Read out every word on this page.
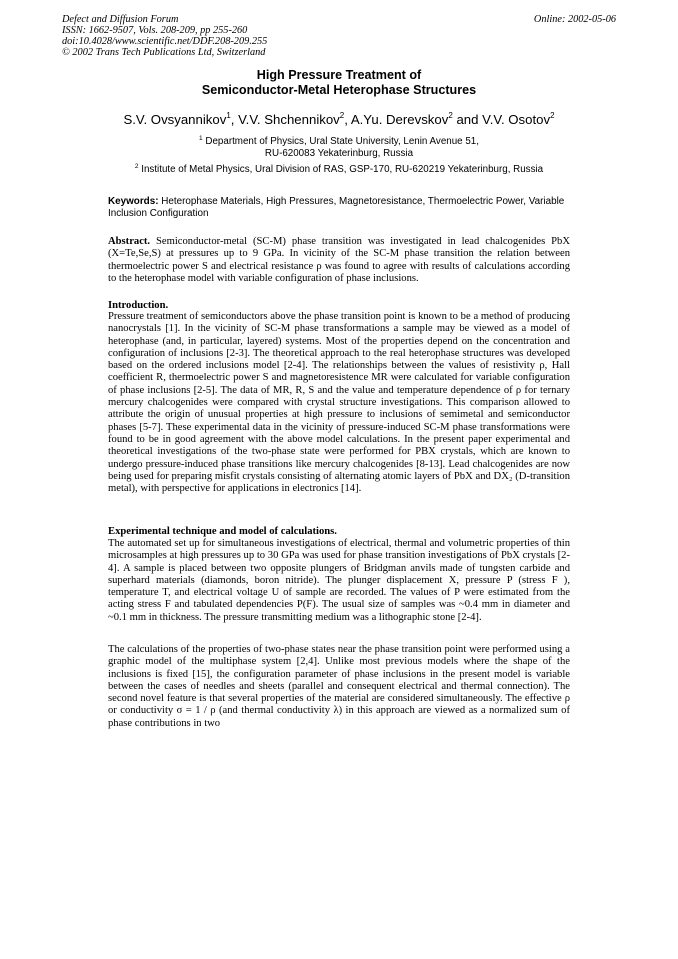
Defect and Diffusion Forum
ISSN: 1662-9507, Vols. 208-209, pp 255-260
doi:10.4028/www.scientific.net/DDF.208-209.255
© 2002 Trans Tech Publications Ltd, Switzerland
Online: 2002-05-06
High Pressure Treatment of
Semiconductor-Metal Heterophase Structures
S.V. Ovsyannikov$^1$, V.V. Shchennikov$^2$, A.Yu. Derevskov$^2$ and V.V. Osotov$^2$
$^1$ Department of Physics, Ural State University, Lenin Avenue 51,
RU-620083 Yekaterinburg, Russia
$^2$ Institute of Metal Physics, Ural Division of RAS, GSP-170, RU-620219 Yekaterinburg, Russia
Keywords: Heterophase Materials, High Pressures, Magnetoresistance, Thermoelectric Power, Variable Inclusion Configuration
Abstract. Semiconductor-metal (SC-M) phase transition was investigated in lead chalcogenides PbX (X=Te,Se,S) at pressures up to 9 GPa. In vicinity of the SC-M phase transition the relation between thermoelectric power S and electrical resistance ρ was found to agree with results of calculations according to the heterophase model with variable configuration of phase inclusions.
Introduction.
Pressure treatment of semiconductors above the phase transition point is known to be a method of producing nanocrystals [1]. In the vicinity of SC-M phase transformations a sample may be viewed as a model of heterophase (and, in particular, layered) systems. Most of the properties depend on the concentration and configuration of inclusions [2-3]. The theoretical approach to the real heterophase structures was developed based on the ordered inclusions model [2-4]. The relationships between the values of resistivity ρ, Hall coefficient R, thermoelectric power S and magnetoresistence MR were calculated for variable configuration of phase inclusions [2-5]. The data of MR, R, S and the value and temperature dependence of ρ for ternary mercury chalcogenides were compared with crystal structure investigations. This comparison allowed to attribute the origin of unusual properties at high pressure to inclusions of semimetal and semiconductor phases [5-7]. These experimental data in the vicinity of pressure-induced SC-M phase transformations were found to be in good agreement with the above model calculations. In the present paper experimental and theoretical investigations of the two-phase state were performed for PBX crystals, which are known to undergo pressure-induced phase transitions like mercury chalcogenides [8-13]. Lead chalcogenides are now being used for preparing misfit crystals consisting of alternating atomic layers of PbX and DX₂ (D-transition metal), with perspective for applications in electronics [14].
Experimental technique and model of calculations.
The automated set up for simultaneous investigations of electrical, thermal and volumetric properties of thin microsamples at high pressures up to 30 GPa was used for phase transition investigations of PbX crystals [2-4]. A sample is placed between two opposite plungers of Bridgman anvils made of tungsten carbide and superhard materials (diamonds, boron nitride). The plunger displacement X, pressure P (stress F ), temperature T, and electrical voltage U of sample are recorded. The values of P were estimated from the acting stress F and tabulated dependencies P(F). The usual size of samples was ~0.4 mm in diameter and ~0.1 mm in thickness. The pressure transmitting medium was a lithographic stone [2-4].
The calculations of the properties of two-phase states near the phase transition point were performed using a graphic model of the multiphase system [2,4]. Unlike most previous models where the shape of the inclusions is fixed [15], the configuration parameter of phase inclusions in the present model is variable between the cases of needles and sheets (parallel and consequent electrical and thermal connection). The second novel feature is that several properties of the material are considered simultaneously. The effective ρ or conductivity σ = 1 / ρ (and thermal conductivity λ) in this approach are viewed as a normalized sum of phase contributions in two
